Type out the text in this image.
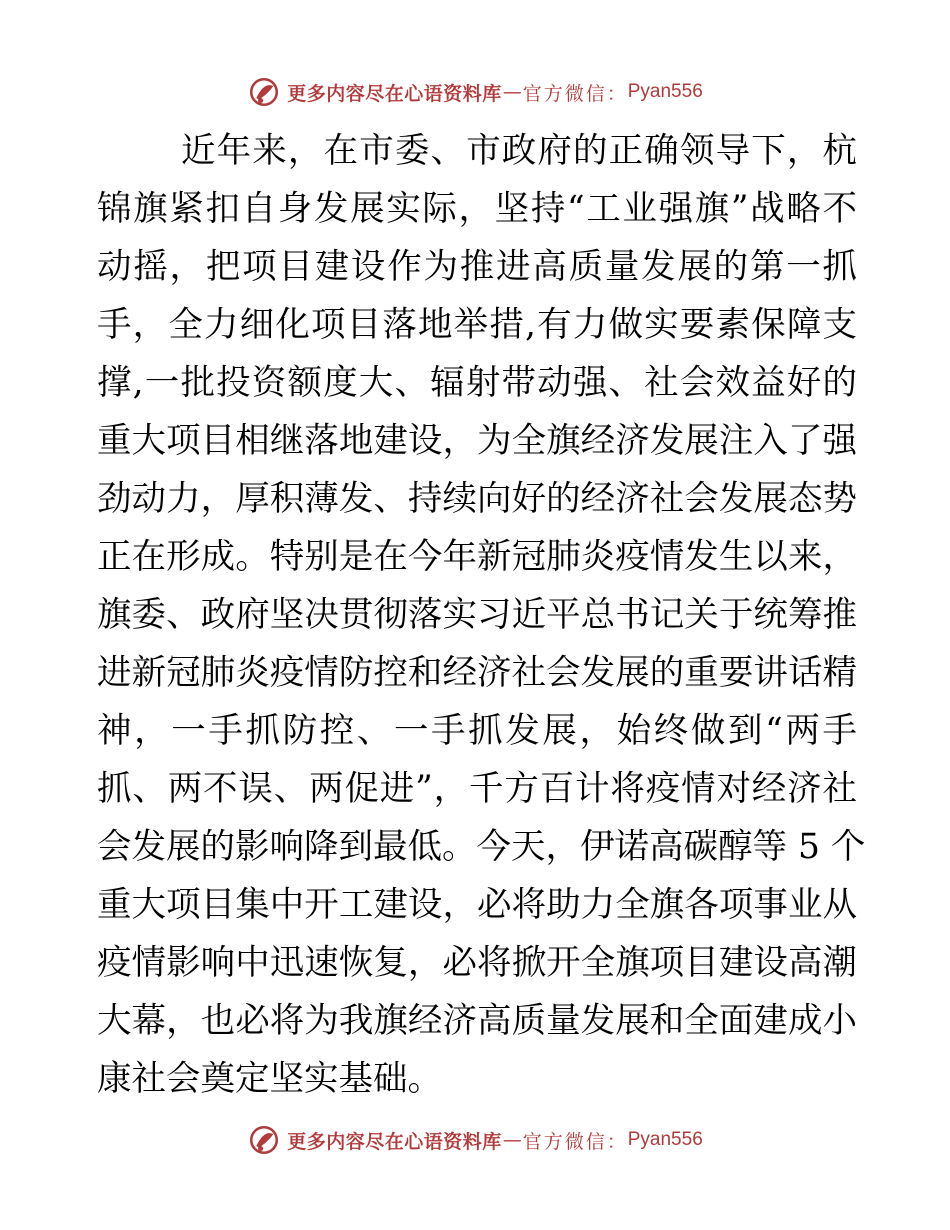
更多内容尽在心语资料库 — 官方微信： Pyan556
近年来，在市委、市政府的正确领导下，杭
锦旗紧扣自身发展实际，坚持“工业强旗”战略不
动摇，把项目建设作为推进高质量发展的第一抓
手，全力细化项目落地举措,有力做实要素保障支
撑,一批投资额度大、辐射带动强、社会效益好的
重大项目相继落地建设，为全旗经济发展注入了强
劲动力，厚积薄发、持续向好的经济社会发展态势
正在形成。特别是在今年新冠肺炎疫情发生以来，
旗委、政府坚决贯彻落实习近平总书记关于统筹推
进新冠肺炎疫情防控和经济社会发展的重要讲话精
神，一手抓防控、一手抓发展，始终做到“两手
抓、两不误、两促进”，千方百计将疫情对经济社
会发展的影响降到最低。今天，伊诺高碳醇等 5 个
重大项目集中开工建设，必将助力全旗各项事业从
疫情影响中迅速恢复，必将掀开全旗项目建设高潮
大幕，也必将为我旗经济高质量发展和全面建成小
康社会奠定坚实基础。
更多内容尽在心语资料库 — 官方微信： Pyan556
